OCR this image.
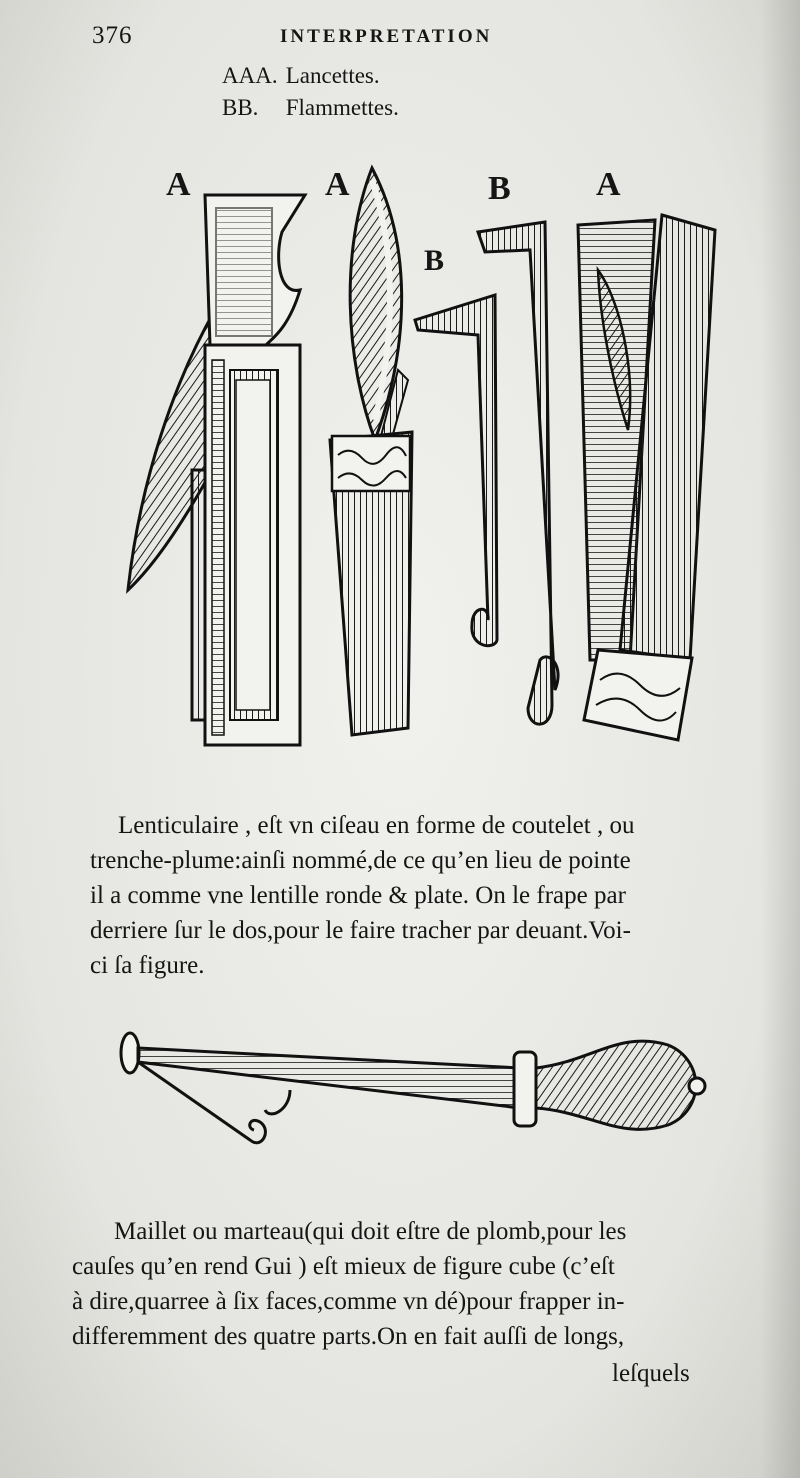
376	INTERPRETATION
AAA. Lancettes.
BB. Flammettes.
A	A	B
B
A
Lenticulaire , eſt vn ciſeau en forme de coutelet , ou
trenche-plume:ainſi nommé,de ce qu’en lieu de pointe
il a comme vne lentille ronde & plate. On le frape par
derriere ſur le dos,pour le faire tracher par deuant.Voi-
ci ſa figure.
Maillet ou marteau(qui doit eſtre de plomb,pour les
cauſes qu’en rend Gui ) eſt mieux de figure cube (c’eſt
à dire,quarree à ſix faces,comme vn dé)pour frapper in-
differemment des quatre parts.On en fait auſſi de longs,
leſquels
